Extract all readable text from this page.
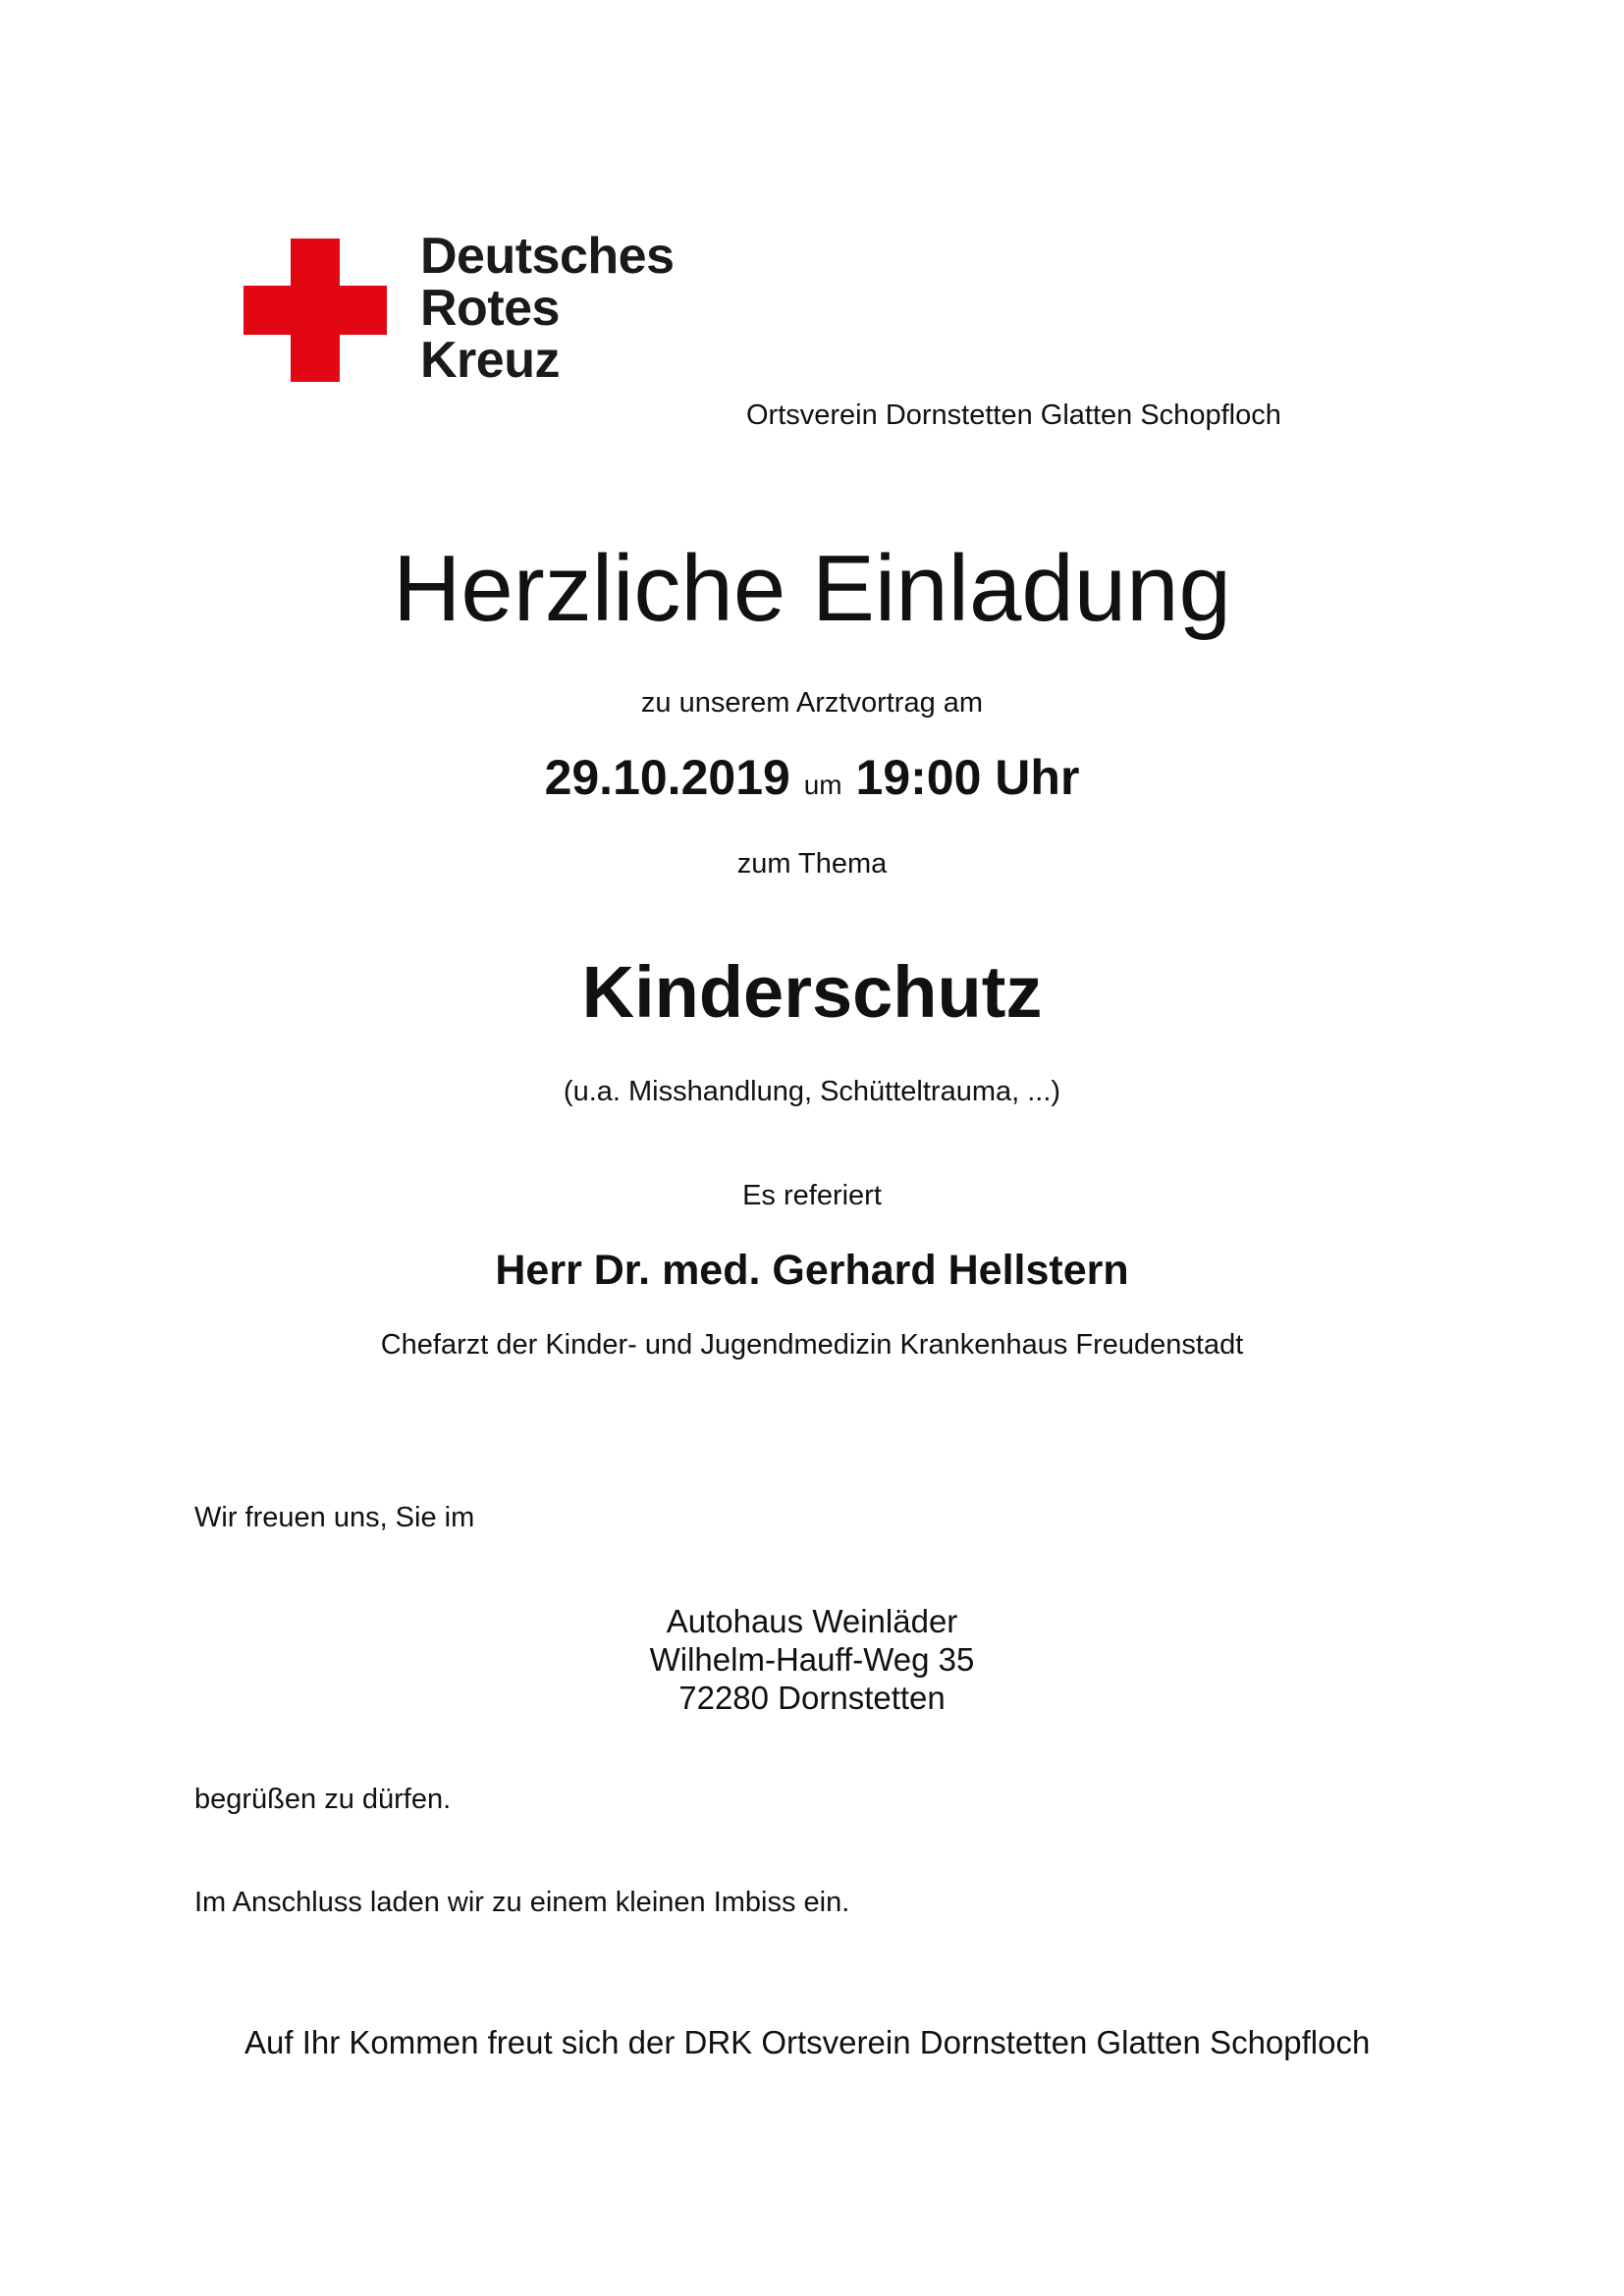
Deutsches
Rotes
Kreuz
Ortsverein Dornstetten Glatten Schopfloch
Herzliche Einladung
zu unserem Arztvortrag am
29.10.2019 um 19:00 Uhr
zum Thema
Kinderschutz
(u.a. Misshandlung, Schütteltrauma, ...)
Es referiert
Herr Dr. med. Gerhard Hellstern
Chefarzt der Kinder- und Jugendmedizin Krankenhaus Freudenstadt
Wir freuen uns, Sie im
Autohaus Weinläder
Wilhelm-Hauff-Weg 35
72280 Dornstetten
begrüßen zu dürfen.
Im Anschluss laden wir zu einem kleinen Imbiss ein.
Auf Ihr Kommen freut sich der DRK Ortsverein Dornstetten Glatten Schopfloch
